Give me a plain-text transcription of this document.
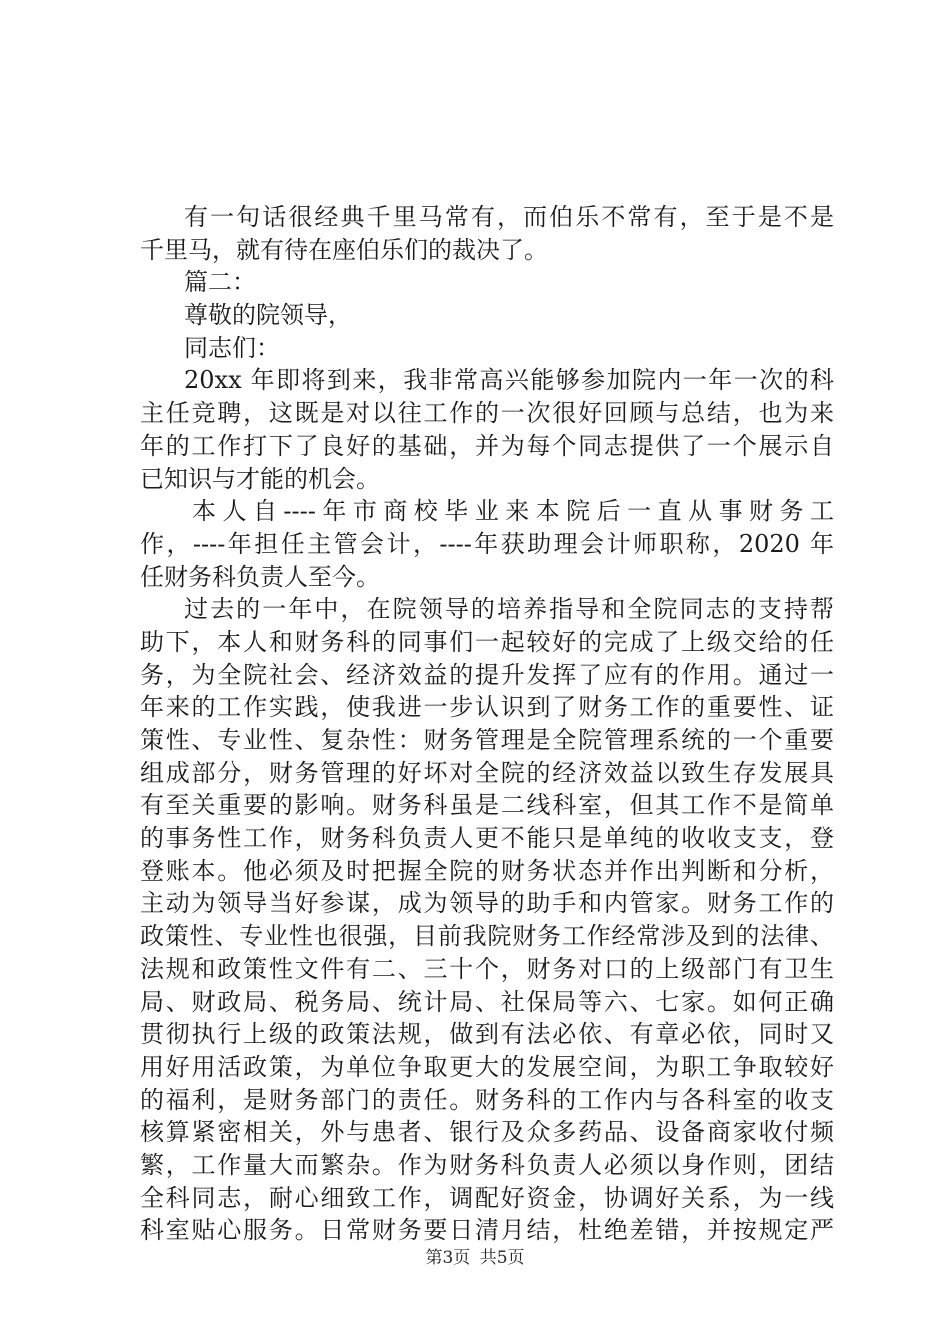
有一句话很经典千里马常有，而伯乐不常有，至于是不是
千里马，就有待在座伯乐们的裁决了。
篇二：
尊敬的院领导，
同志们：
20xx 年即将到来，我非常高兴能够参加院内一年一次的科
主任竞聘，这既是对以往工作的一次很好回顾与总结，也为来
年的工作打下了良好的基础，并为每个同志提供了一个展示自
已知识与才能的机会。
本人自----年市商校毕业来本院后一直从事财务工
作，----年担任主管会计，----年获助理会计师职称，2020 年
任财务科负责人至今。
过去的一年中，在院领导的培养指导和全院同志的支持帮
助下，本人和财务科的同事们一起较好的完成了上级交给的任
务，为全院社会、经济效益的提升发挥了应有的作用。通过一
年来的工作实践，使我进一步认识到了财务工作的重要性、证
策性、专业性、复杂性：财务管理是全院管理系统的一个重要
组成部分，财务管理的好坏对全院的经济效益以致生存发展具
有至关重要的影响。财务科虽是二线科室，但其工作不是简单
的事务性工作，财务科负责人更不能只是单纯的收收支支，登
登账本。他必须及时把握全院的财务状态并作出判断和分析，
主动为领导当好参谋，成为领导的助手和内管家。财务工作的
政策性、专业性也很强，目前我院财务工作经常涉及到的法律、
法规和政策性文件有二、三十个，财务对口的上级部门有卫生
局、财政局、税务局、统计局、社保局等六、七家。如何正确
贯彻执行上级的政策法规，做到有法必依、有章必依，同时又
用好用活政策，为单位争取更大的发展空间，为职工争取较好
的福利，是财务部门的责任。财务科的工作内与各科室的收支
核算紧密相关，外与患者、银行及众多药品、设备商家收付频
繁，工作量大而繁杂。作为财务科负责人必须以身作则，团结
全科同志，耐心细致工作，调配好资金，协调好关系，为一线
科室贴心服务。日常财务要日清月结，杜绝差错，并按规定严
第3页 共5页
